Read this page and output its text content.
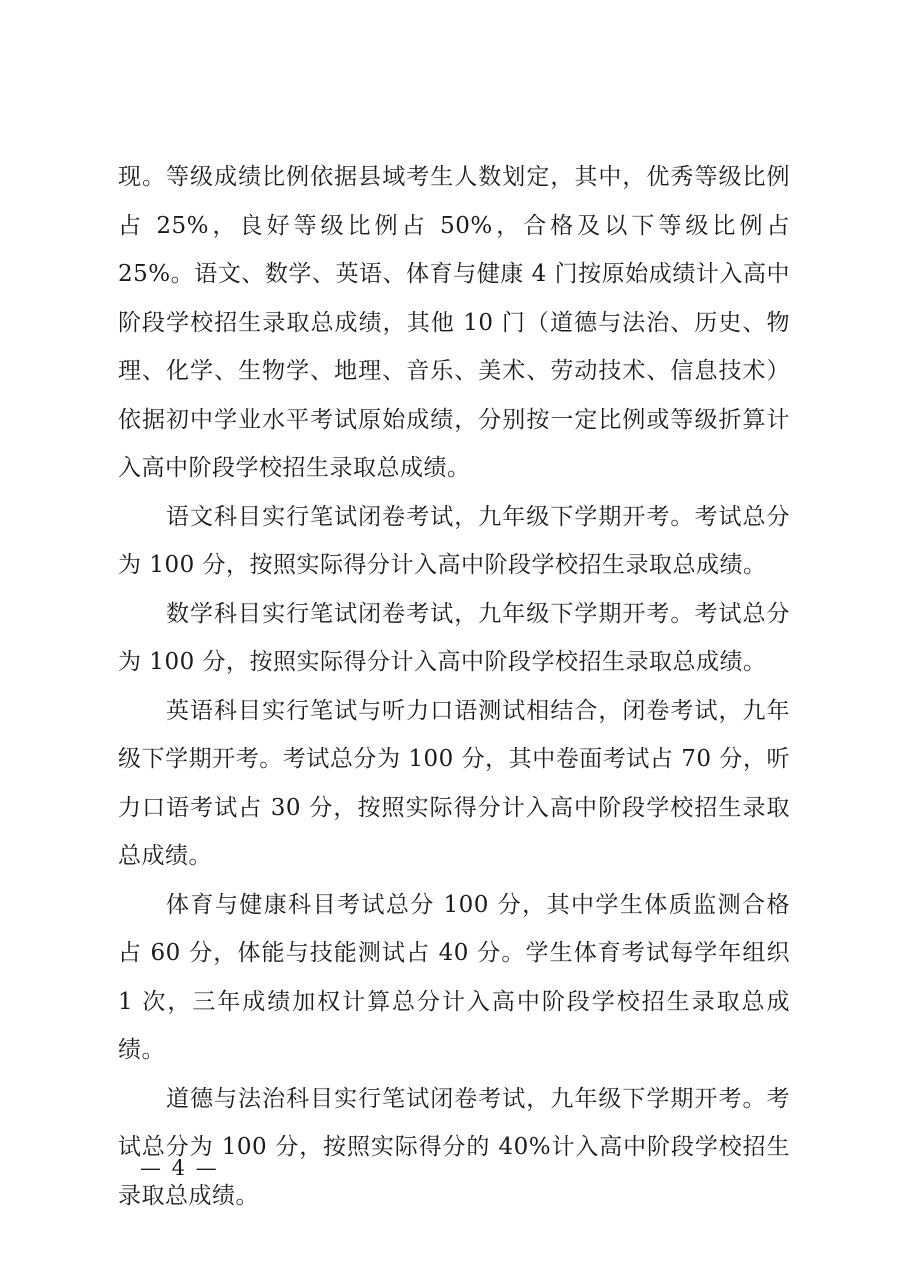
现。等级成绩比例依据县域考生人数划定，其中，优秀等级比例占 25%，良好等级比例占 50%，合格及以下等级比例占 25%。语文、数学、英语、体育与健康 4 门按原始成绩计入高中阶段学校招生录取总成绩，其他 10 门（道德与法治、历史、物理、化学、生物学、地理、音乐、美术、劳动技术、信息技术）依据初中学业水平考试原始成绩，分别按一定比例或等级折算计入高中阶段学校招生录取总成绩。

语文科目实行笔试闭卷考试，九年级下学期开考。考试总分为 100 分，按照实际得分计入高中阶段学校招生录取总成绩。

数学科目实行笔试闭卷考试，九年级下学期开考。考试总分为 100 分，按照实际得分计入高中阶段学校招生录取总成绩。

英语科目实行笔试与听力口语测试相结合，闭卷考试，九年级下学期开考。考试总分为 100 分，其中卷面考试占 70 分，听力口语考试占 30 分，按照实际得分计入高中阶段学校招生录取总成绩。

体育与健康科目考试总分 100 分，其中学生体质监测合格占 60 分，体能与技能测试占 40 分。学生体育考试每学年组织 1 次，三年成绩加权计算总分计入高中阶段学校招生录取总成绩。

道德与法治科目实行笔试闭卷考试，九年级下学期开考。考试总分为 100 分，按照实际得分的 40%计入高中阶段学校招生录取总成绩。

— 4 —
